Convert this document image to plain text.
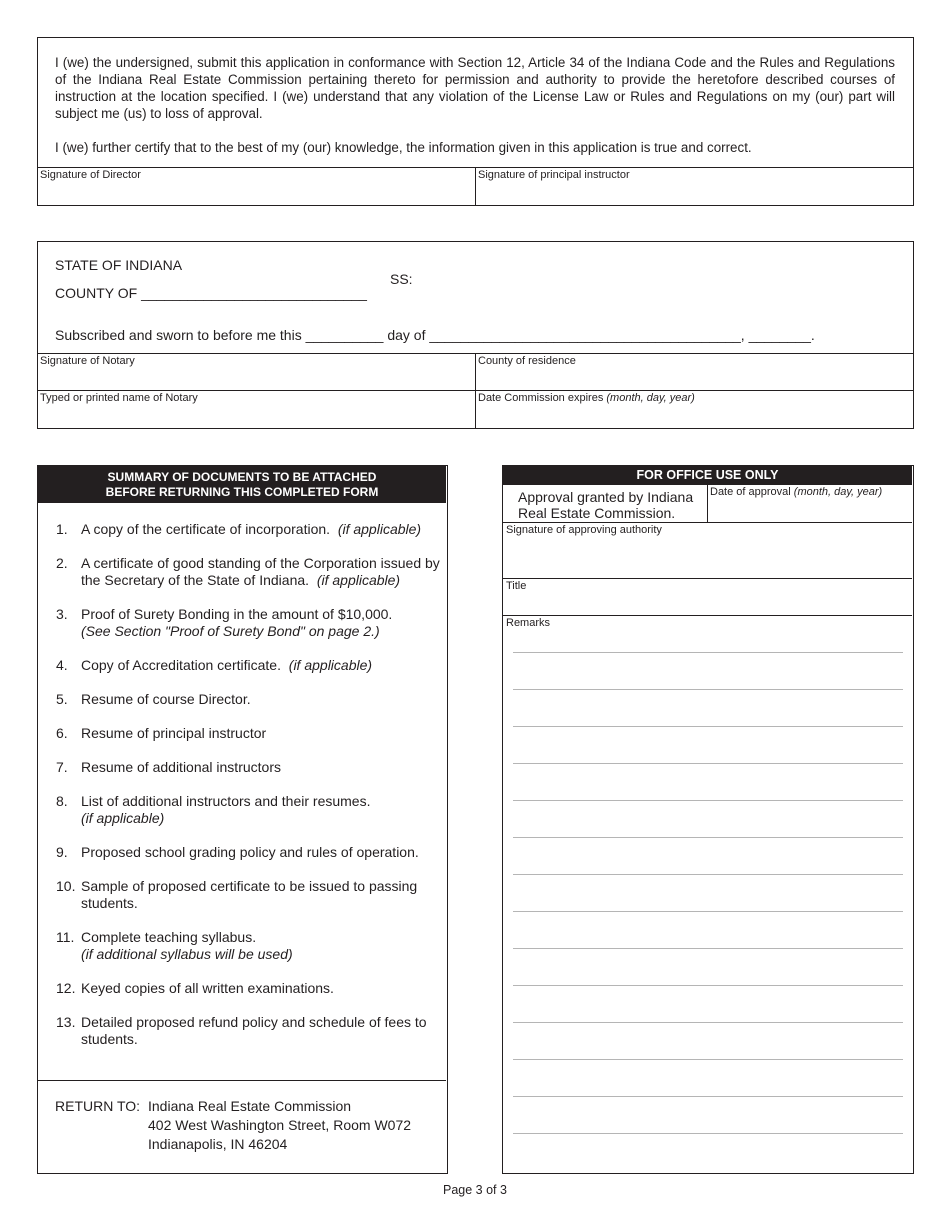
I (we) the undersigned, submit this application in conformance with Section 12, Article 34 of the Indiana Code and the Rules and Regulations of the Indiana Real Estate Commission pertaining thereto for permission and authority to provide the heretofore described courses of instruction at the location specified. I (we) understand that any violation of the License Law or Rules and Regulations on my (our) part will subject me (us) to loss of approval.
I (we) further certify that to the best of my (our) knowledge, the information given in this application is true and correct.
Signature of Director	Signature of principal instructor
STATE OF INDIANA
COUNTY OF _____________________________
SS:
Subscribed and sworn to before me this __________ day of ________________________________________, ________.
Signature of Notary	County of residence
Typed or printed name of Notary	Date Commission expires (month, day, year)
SUMMARY OF DOCUMENTS TO BE ATTACHED
BEFORE RETURNING THIS COMPLETED FORM
1. A copy of the certificate of incorporation. (if applicable)
2. A certificate of good standing of the Corporation issued by the Secretary of the State of Indiana. (if applicable)
3. Proof of Surety Bonding in the amount of $10,000.
(See Section "Proof of Surety Bond" on page 2.)
4. Copy of Accreditation certificate. (if applicable)
5. Resume of course Director.
6. Resume of principal instructor
7. Resume of additional instructors
8. List of additional instructors and their resumes.
(if applicable)
9. Proposed school grading policy and rules of operation.
10. Sample of proposed certificate to be issued to passing students.
11. Complete teaching syllabus.
(if additional syllabus will be used)
12. Keyed copies of all written examinations.
13. Detailed proposed refund policy and schedule of fees to students.
RETURN TO: Indiana Real Estate Commission
402 West Washington Street, Room W072
Indianapolis, IN 46204
FOR OFFICE USE ONLY
Approval granted by Indiana Real Estate Commission.
Date of approval (month, day, year)
Signature of approving authority
Title
Remarks
Page 3 of 3
